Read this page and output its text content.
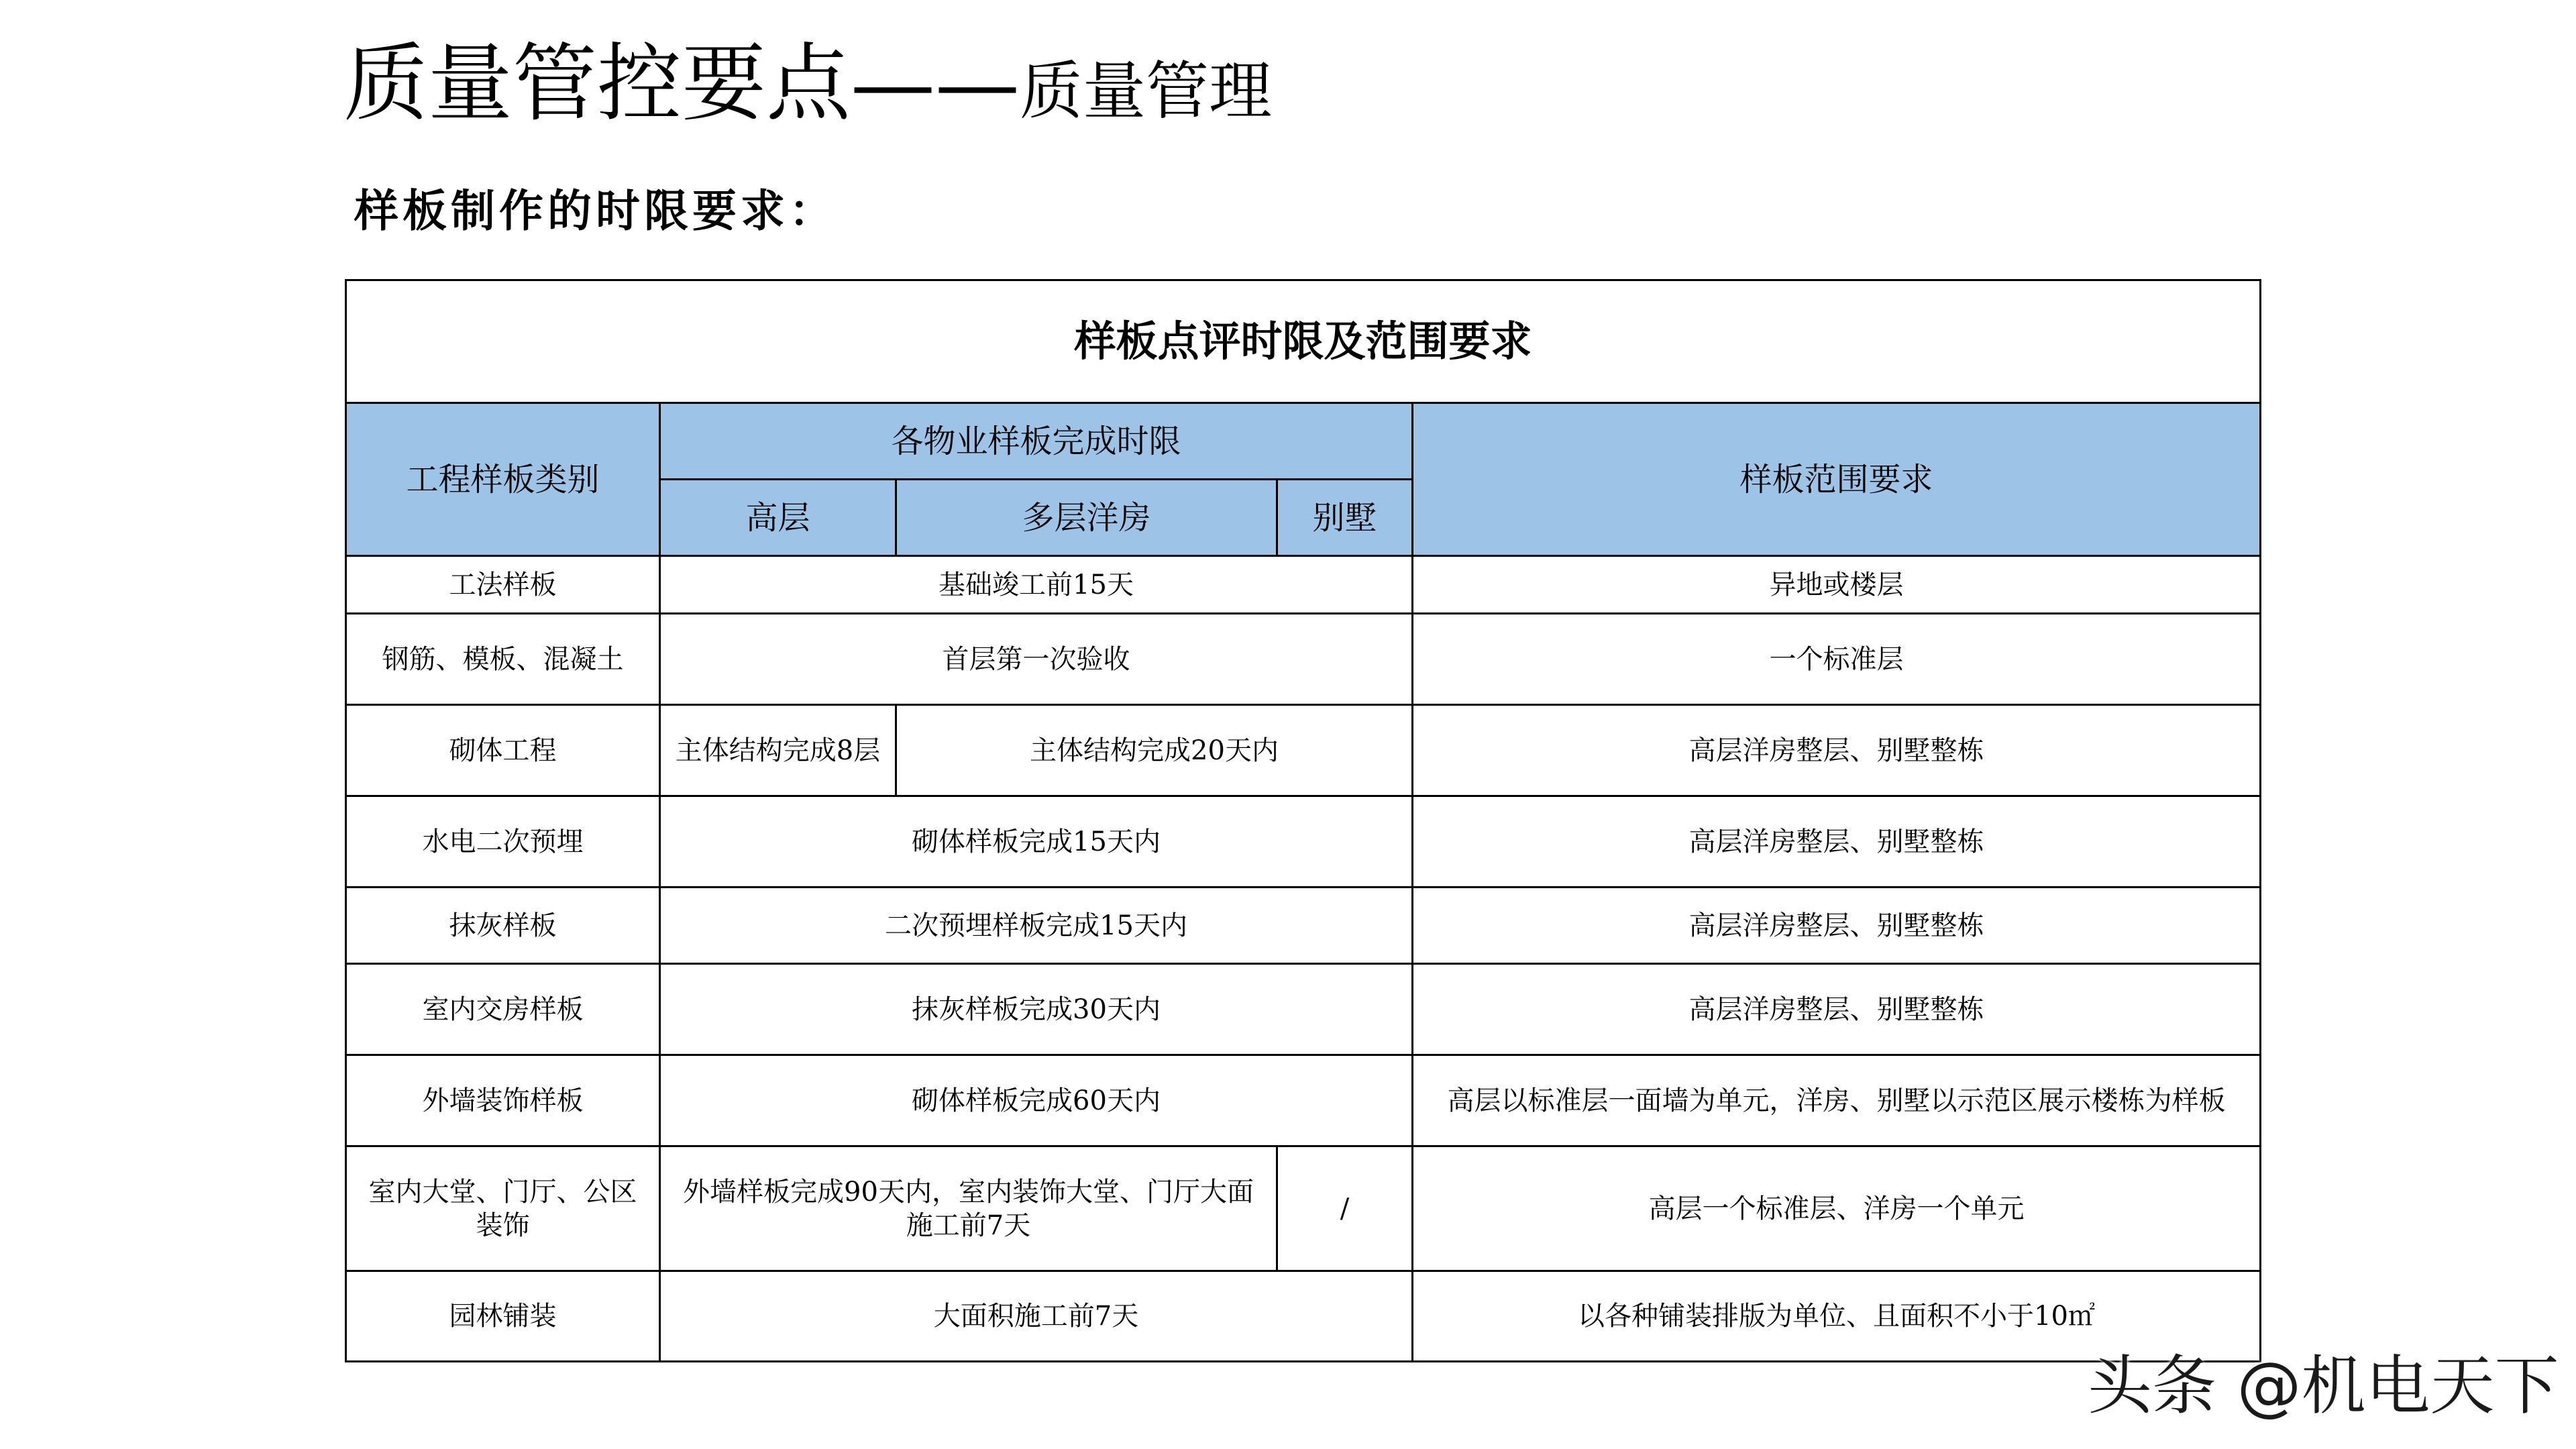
质量管控要点——质量管理
样板制作的时限要求：
样板点评时限及范围要求				
工程样板类别	各物业样板完成时限			样板范围要求
	高层	多层洋房	别墅	
工法样板	基础竣工前15天			异地或楼层
钢筋、模板、混凝土	首层第一次验收			一个标准层
砌体工程	主体结构完成8层	主体结构完成20天内		高层洋房整层、别墅整栋
水电二次预埋	砌体样板完成15天内			高层洋房整层、别墅整栋
抹灰样板	二次预埋样板完成15天内			高层洋房整层、别墅整栋
室内交房样板	抹灰样板完成30天内			高层洋房整层、别墅整栋
外墙装饰样板	砌体样板完成60天内			高层以标准层一面墙为单元，洋房、别墅以示范区展示楼栋为样板
室内大堂、门厅、公区装饰	外墙样板完成90天内，室内装饰大堂、门厅大面施工前7天		/	高层一个标准层、洋房一个单元
园林铺装	大面积施工前7天			以各种铺装排版为单位、且面积不小于10㎡
头条 @机电天下
